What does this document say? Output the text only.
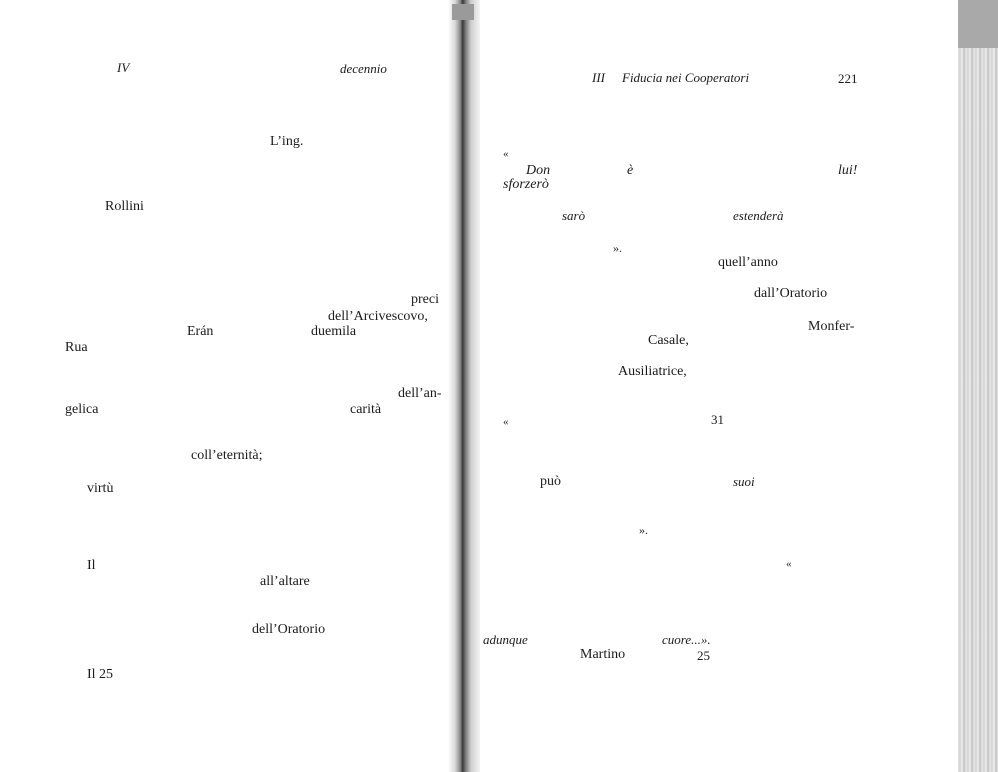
IV	decennio
L’ing.
Rollini
preci
dell’Arcivescovo,
Erán	duemila
Rua
dell’an-
gelica	carità
coll’eternità;
virtù
Il
all’altare
dell’Oratorio
Il 25
III Fiducia nei Cooperatori	221
«
Don	è	lui!
sforzerò
sarò	estenderà
».
quell’anno
dall’Oratorio
Monfer-
Casale,
Ausiliatrice,
«	31
può	suoi
».
«
adunque	cuore...».
Martino	25
